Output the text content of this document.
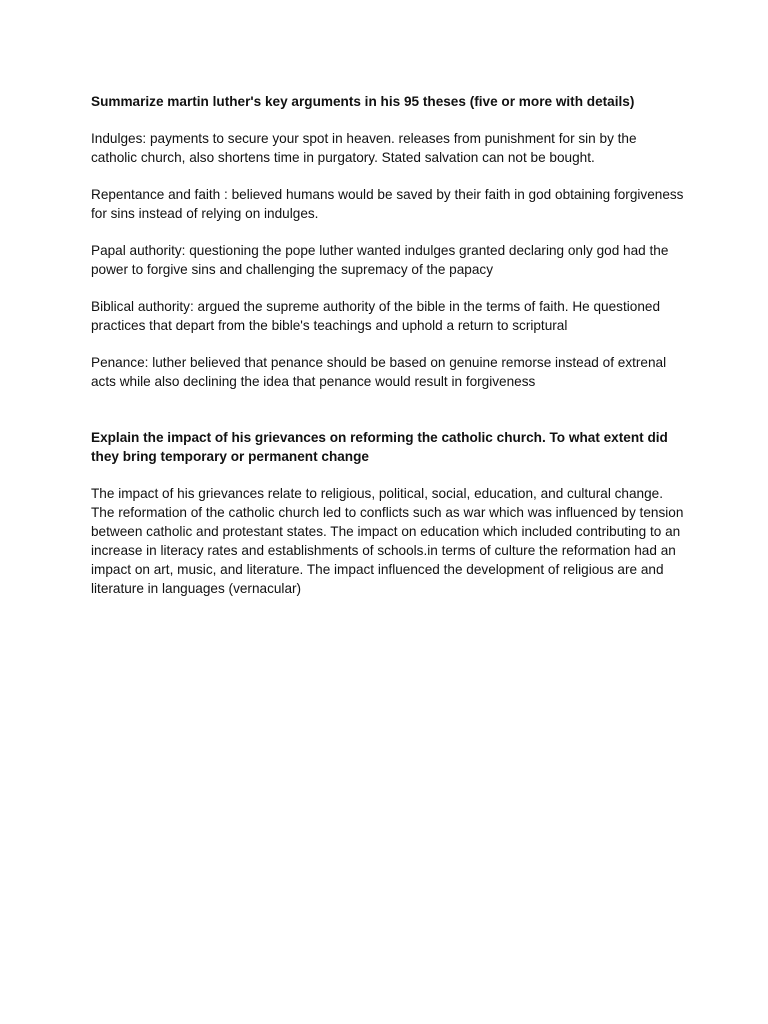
Summarize martin luther's key arguments in his 95 theses (five or more with details)

Indulges: payments to secure your spot in heaven. releases from punishment for sin by the catholic church, also shortens time in purgatory. Stated salvation can not be bought.

Repentance and faith : believed humans would be saved by their faith in god obtaining forgiveness for sins instead of relying on indulges.

Papal authority: questioning the pope luther wanted indulges granted declaring only god had the power to forgive sins and challenging the supremacy of the papacy

Biblical authority: argued the supreme authority of the bible in the terms of faith. He questioned practices that depart from the bible's teachings and uphold a return to scriptural

Penance: luther believed that penance should be based on genuine remorse instead of extrenal acts while also declining the idea that penance would result in forgiveness

Explain the impact of his grievances on reforming the catholic church. To what extent did they bring temporary or permanent change

The impact of his grievances relate to religious, political, social, education, and cultural change. The reformation of the catholic church led to conflicts such as war which was influenced by tension between catholic and protestant states. The impact on education which included contributing to an increase in literacy rates and establishments of schools.in terms of culture the reformation had an impact on art, music, and literature. The impact influenced the development of religious are and literature in languages (vernacular)
